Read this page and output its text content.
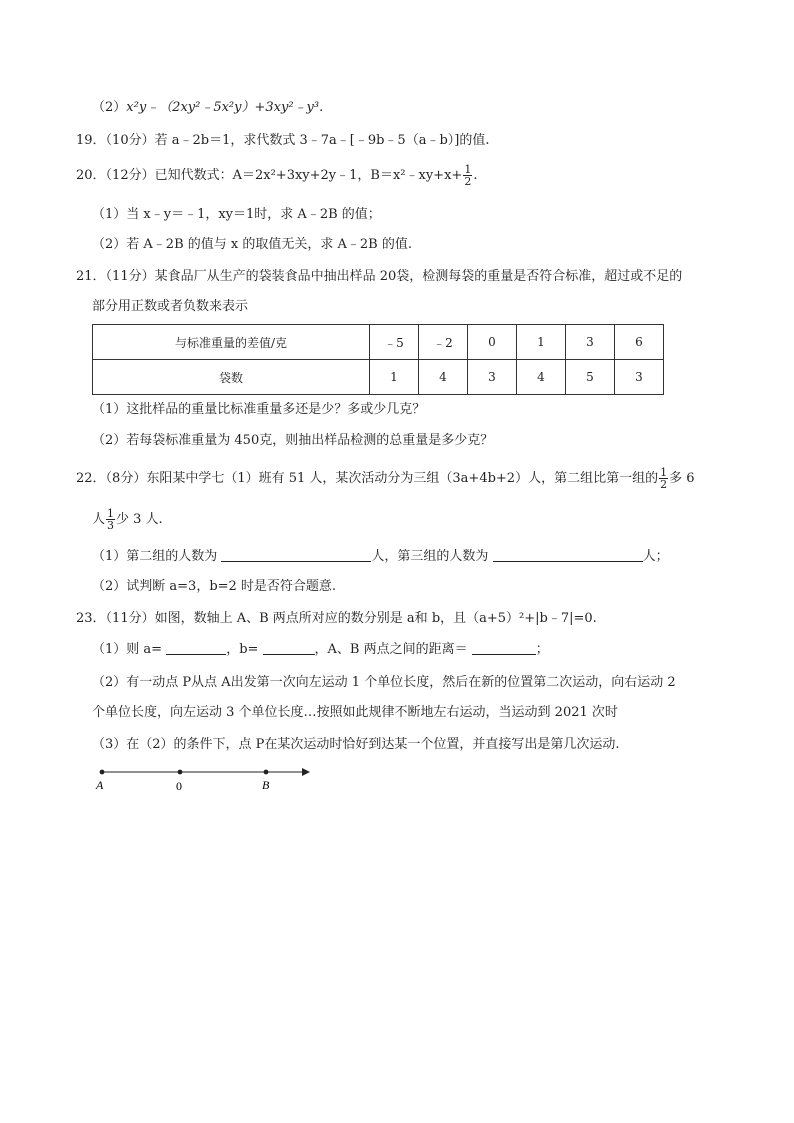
（2）x²y﹣（2xy²﹣5x²y）+3xy²﹣y³.
19．（10分）若 a﹣2b＝1，求代数式 3﹣7a﹣[﹣9b﹣5（a﹣b）]的值.
20．（12分）已知代数式：A＝2x²+3xy+2y﹣1，B＝x²﹣xy+x+ $\frac{1}{2}$ .
（1）当 x﹣y＝﹣1，xy＝1时，求 A﹣2B 的值；
（2）若 A﹣2B 的值与 x 的取值无关，求 A﹣2B 的值.
21．（11分）某食品厂从生产的袋装食品中抽出样品 20袋，检测每袋的重量是否符合标准，超过或不足的
部分用正数或者负数来表示
与标准重量的差值/克	﹣5	﹣2	0	1	3	6
袋数	1	4	3	4	5	3
（1）这批样品的重量比标准重量多还是少？多或少几克？
（2）若每袋标准重量为 450克，则抽出样品检测的总重量是多少克？
22．（8分）东阳某中学七（1）班有 51 人，某次活动分为三组（3a+4b+2）人，第二组比第一组的 $\frac{1}{2}$ 多 6
人 $\frac{1}{3}$ 少 3 人.
（1）第二组的人数为	人，第三组的人数为	人；
（2）试判断 a=3，b=2 时是否符合题意.
23．（11分）如图，数轴上 A、B 两点所对应的数分别是 a和 b，且（a+5）²+|b﹣7|=0.
（1）则 a=	，b=	，A、B 两点之间的距离＝	；
（2）有一动点 P从点 A出发第一次向左运动 1 个单位长度，然后在新的位置第二次运动，向右运动 2
个单位长度，向左运动 3 个单位长度…按照如此规律不断地左右运动，当运动到 2021 次时
（3）在（2）的条件下，点 P在某次运动时恰好到达某一个位置，并直接写出是第几次运动.
A	0	B
